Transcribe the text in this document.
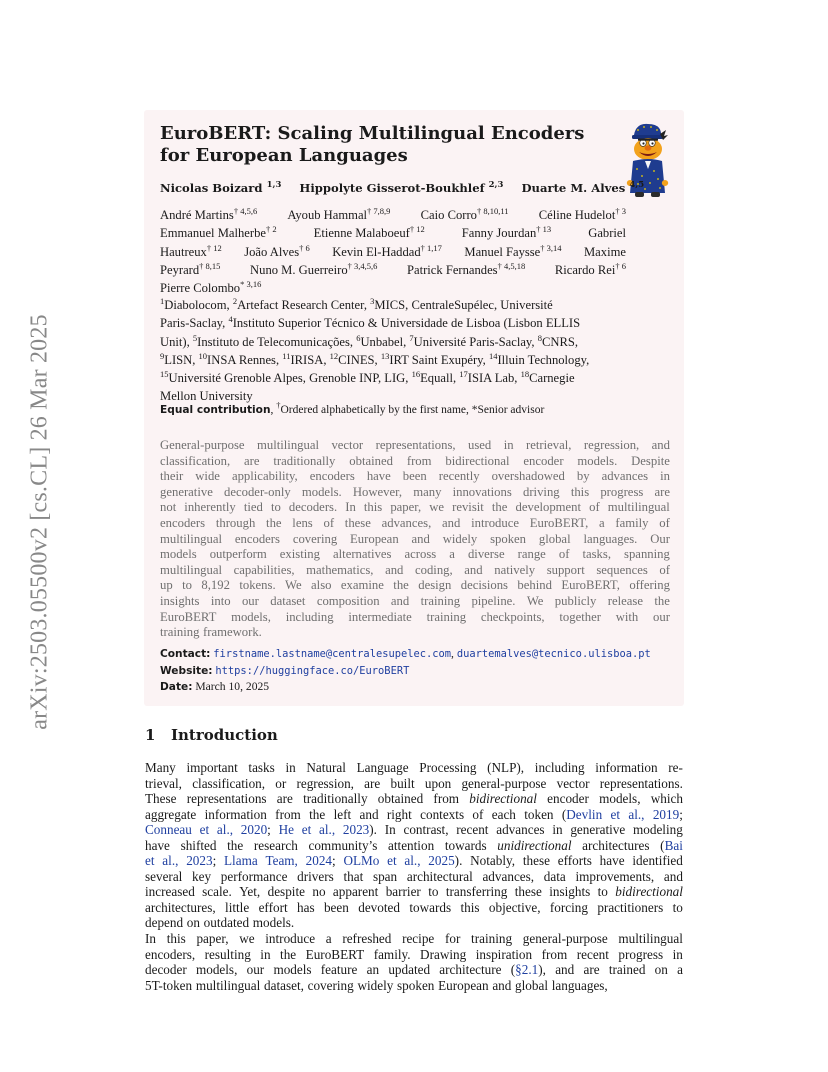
arXiv:2503.05500v2 [cs.CL] 26 Mar 2025
EuroBERT: Scaling Multilingual Encoders
for European Languages
Nicolas Boizard $^{1,3}$ Hippolyte Gisserot-Boukhlef $^{2,3}$ Duarte M. Alves $^{4,5}$
André Martins$^{\dagger 4,5,6}$ Ayoub Hammal$^{\dagger 7,8,9}$ Caio Corro$^{\dagger 8,10,11}$ Céline Hudelot$^{\dagger 3}$
Emmanuel Malherbe$^{\dagger 2}$	Etienne Malaboeuf$^{\dagger 12}$	Fanny Jourdan$^{\dagger 13}$	Gabriel
Hautreux$^{\dagger 12}$ João Alves$^{\dagger 6}$ Kevin El-Haddad$^{\dagger 1,17}$ Manuel Faysse$^{\dagger 3,14}$ Maxime
Peyrard$^{\dagger 8,15}$ Nuno M. Guerreiro$^{\dagger 3,4,5,6}$ Patrick Fernandes$^{\dagger 4,5,18}$ Ricardo Rei$^{\dagger 6}$
Pierre Colombo$^{* 3,16}$
$^1$Diabolocom, $^2$Artefact Research Center, $^3$MICS, CentraleSupélec, Université
Paris-Saclay, $^4$Instituto Superior Técnico & Universidade de Lisboa (Lisbon ELLIS
Unit), $^5$Instituto de Telecomunicações, $^6$Unbabel, $^7$Université Paris-Saclay, $^8$CNRS,
$^9$LISN, $^{10}$INSA Rennes, $^{11}$IRISA, $^{12}$CINES, $^{13}$IRT Saint Exupéry, $^{14}$Illuin Technology,
$^{15}$Université Grenoble Alpes, Grenoble INP, LIG, $^{16}$Equall, $^{17}$ISIA Lab, $^{18}$Carnegie
Mellon University
Equal contribution, †Ordered alphabetically by the first name, *Senior advisor
General-purpose multilingual vector representations, used in retrieval, regression, and
classification, are traditionally obtained from bidirectional encoder models. Despite
their wide applicability, encoders have been recently overshadowed by advances in
generative decoder-only models. However, many innovations driving this progress are
not inherently tied to decoders. In this paper, we revisit the development of multilingual
encoders through the lens of these advances, and introduce EuroBERT, a family of
multilingual encoders covering European and widely spoken global languages. Our
models outperform existing alternatives across a diverse range of tasks, spanning
multilingual capabilities, mathematics, and coding, and natively support sequences of
up to 8,192 tokens. We also examine the design decisions behind EuroBERT, offering
insights into our dataset composition and training pipeline. We publicly release the
EuroBERT models, including intermediate training checkpoints, together with our
training framework.
Contact: firstname.lastname@centralesupelec.com, duartemalves@tecnico.ulisboa.pt
Website: https://huggingface.co/EuroBERT
Date: March 10, 2025
1 Introduction
Many important tasks in Natural Language Processing (NLP), including information re-
trieval, classification, or regression, are built upon general-purpose vector representations.
These representations are traditionally obtained from bidirectional encoder models, which
aggregate information from the left and right contexts of each token (Devlin et al., 2019;
Conneau et al., 2020; He et al., 2023). In contrast, recent advances in generative modeling
have shifted the research community’s attention towards unidirectional architectures (Bai
et al., 2023; Llama Team, 2024; OLMo et al., 2025). Notably, these efforts have identified
several key performance drivers that span architectural advances, data improvements, and
increased scale. Yet, despite no apparent barrier to transferring these insights to bidirectional
architectures, little effort has been devoted towards this objective, forcing practitioners to
depend on outdated models.
In this paper, we introduce a refreshed recipe for training general-purpose multilingual
encoders, resulting in the EuroBERT family. Drawing inspiration from recent progress in
decoder models, our models feature an updated architecture (§2.1), and are trained on a
5T-token multilingual dataset, covering widely spoken European and global languages,
